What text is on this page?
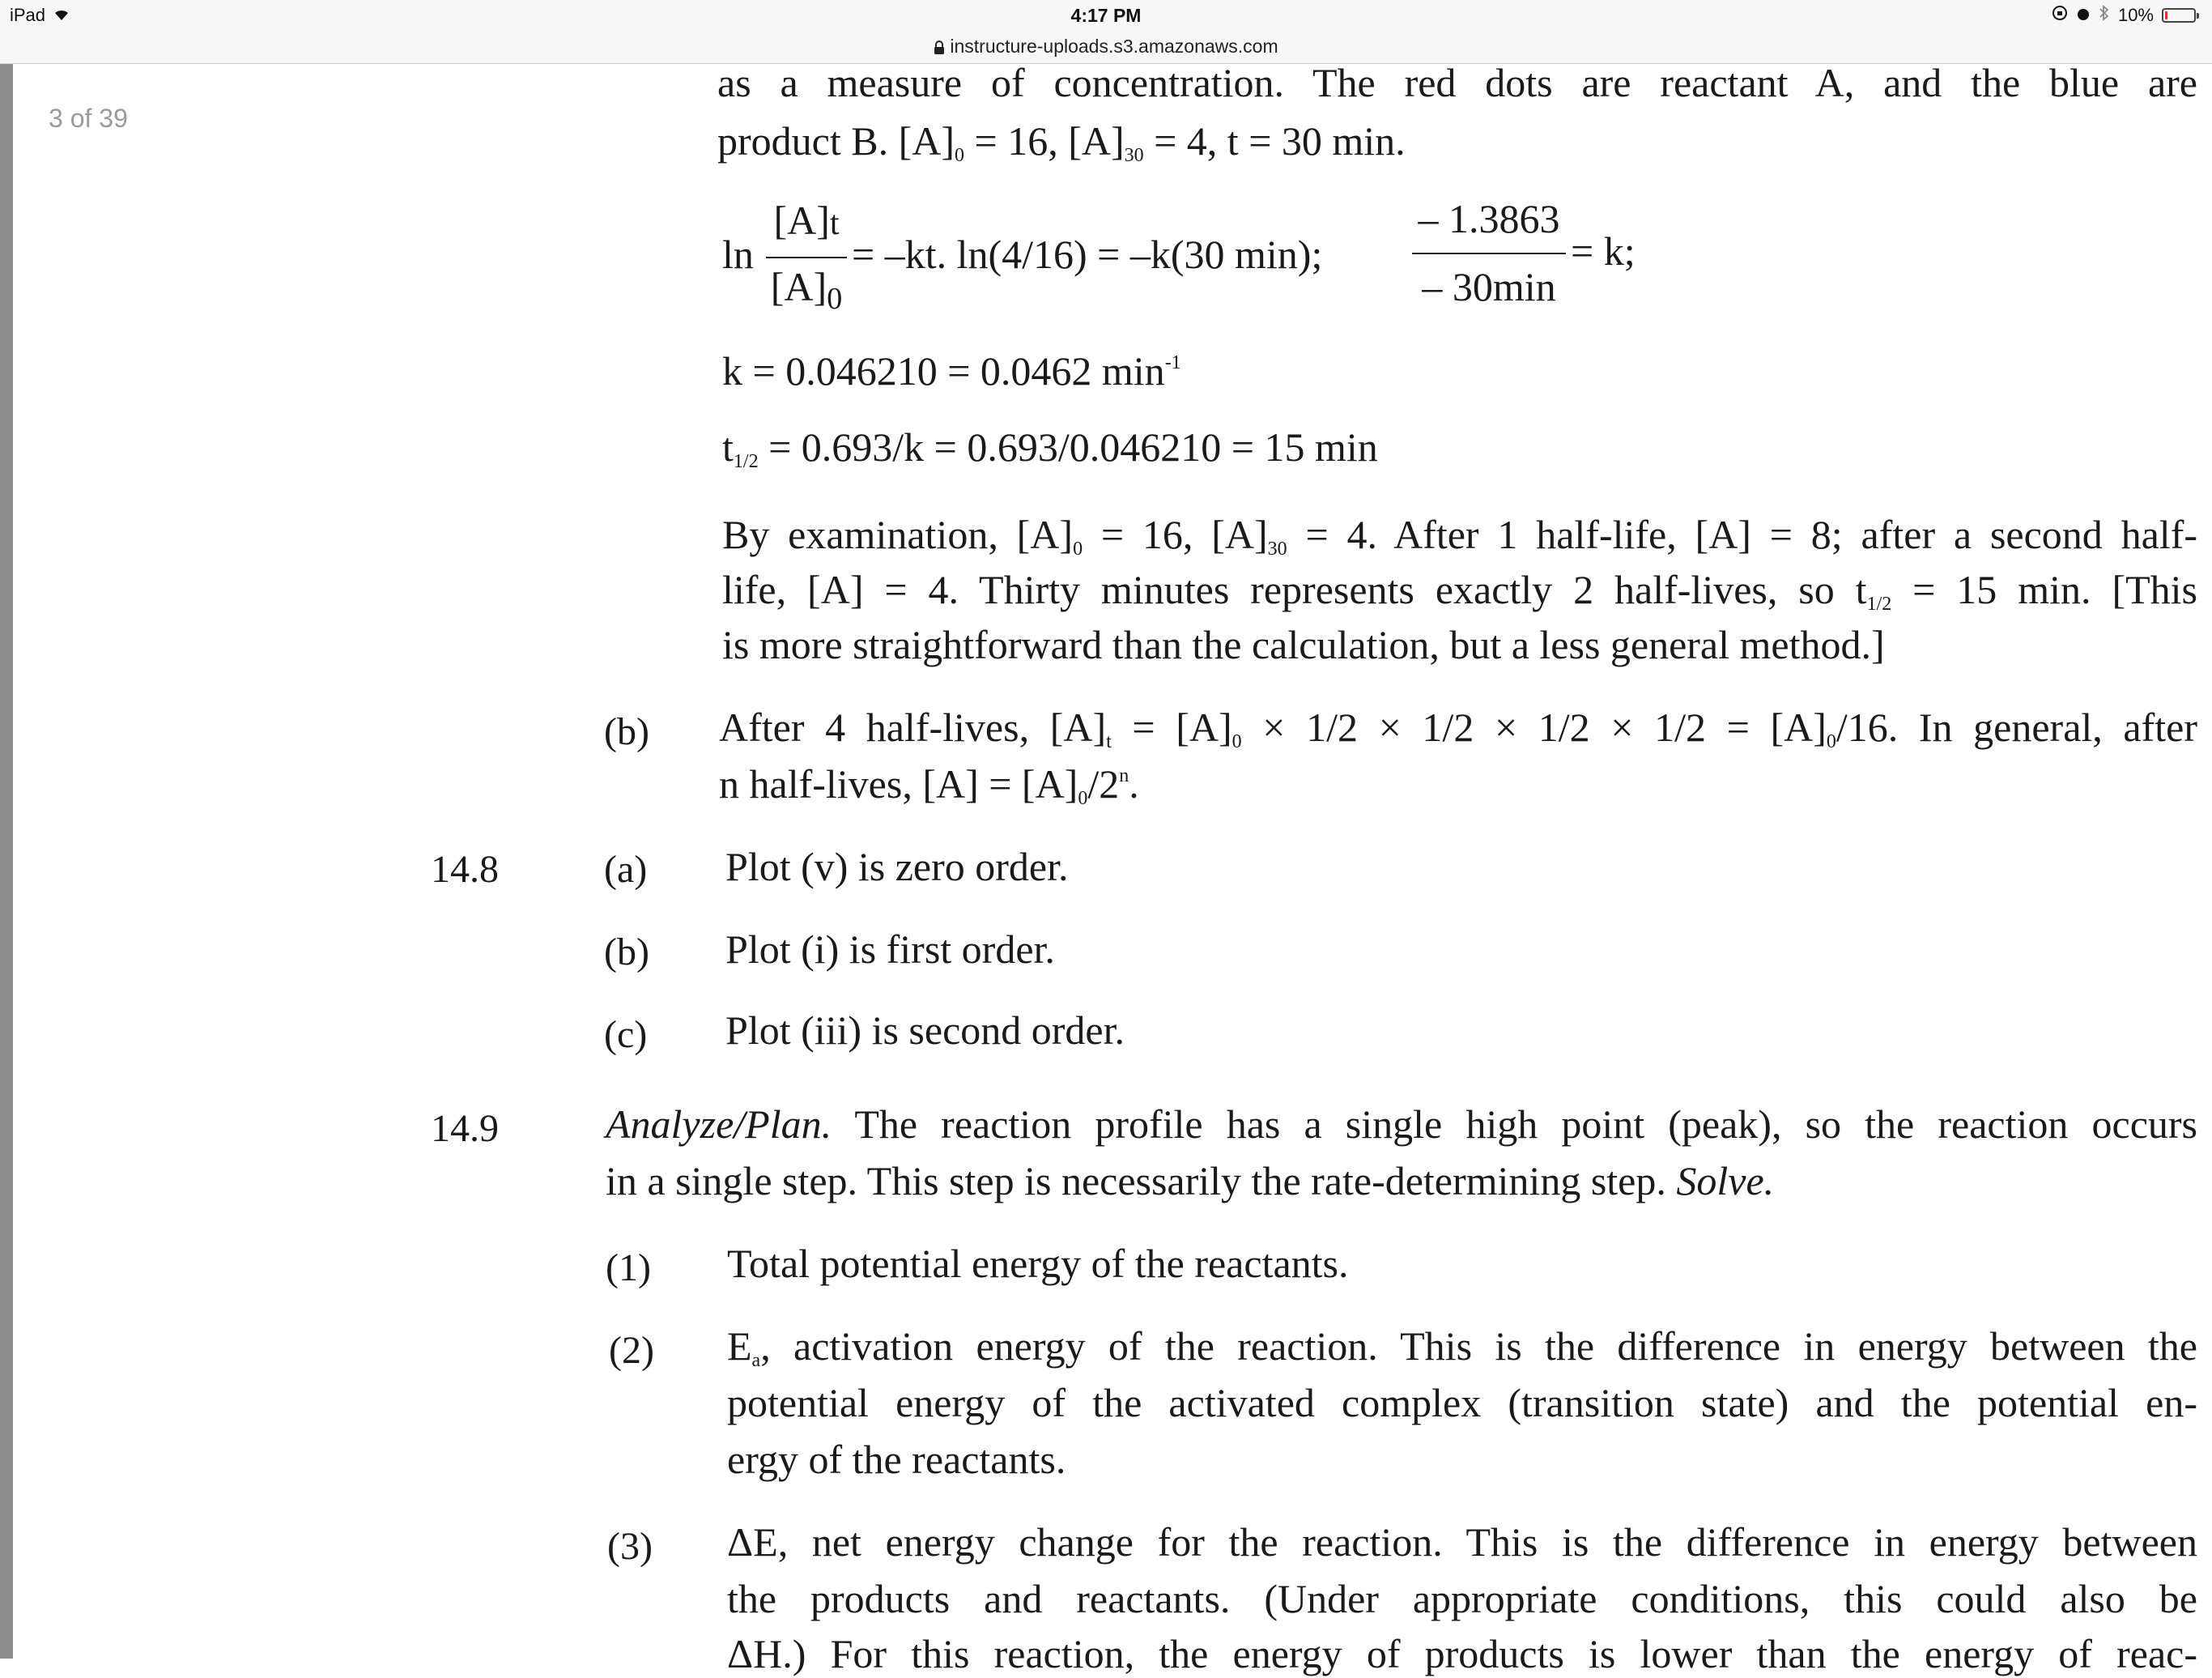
iPad	4:17 PM	10%
instructure-uploads.s3.amazonaws.com
3 of 39
as a measure of concentration. The red dots are reactant A, and the blue are
product B. $[A]_0 = 16$, $[A]_{30} = 4$, t = 30 min.
ln
[A]t
$[A]_0$
= –kt. ln(4/16) = –k(30 min);
– 1.3863
– 30min
= k;
k = 0.046210 = 0.0462 $\min^{-1}$
$t_{1/2} = 0.693/k = 0.693/0.046210 = 15$ min
By examination, $[A]_0 = 16$, $[A]_{30} = 4$. After 1 half-life, [A] = 8; after a second half-
life, [A] = 4. Thirty minutes represents exactly 2 half-lives, so $t_{1/2} = 15$ min. [This
is more straightforward than the calculation, but a less general method.]
(b) After 4 half-lives, $[A]_t = [A]_0 \times 1/2 \times 1/2 \times 1/2 \times 1/2 = [A]_0/16$. In general, after
n half-lives, $[A] = [A]_0/2^n$.
14.8	(a) Plot (v) is zero order.
(b) Plot (i) is first order.
(c) Plot (iii) is second order.
14.9	Analyze/Plan. The reaction profile has a single high point (peak), so the reaction occurs
in a single step. This step is necessarily the rate-determining step. Solve.
(1) Total potential energy of the reactants.
(2) $E_a$, activation energy of the reaction. This is the difference in energy between the
potential energy of the activated complex (transition state) and the potential en-
ergy of the reactants.
(3) ΔE, net energy change for the reaction. This is the difference in energy between
the products and reactants. (Under appropriate conditions, this could also be
ΔH.) For this reaction, the energy of products is lower than the energy of reac-
